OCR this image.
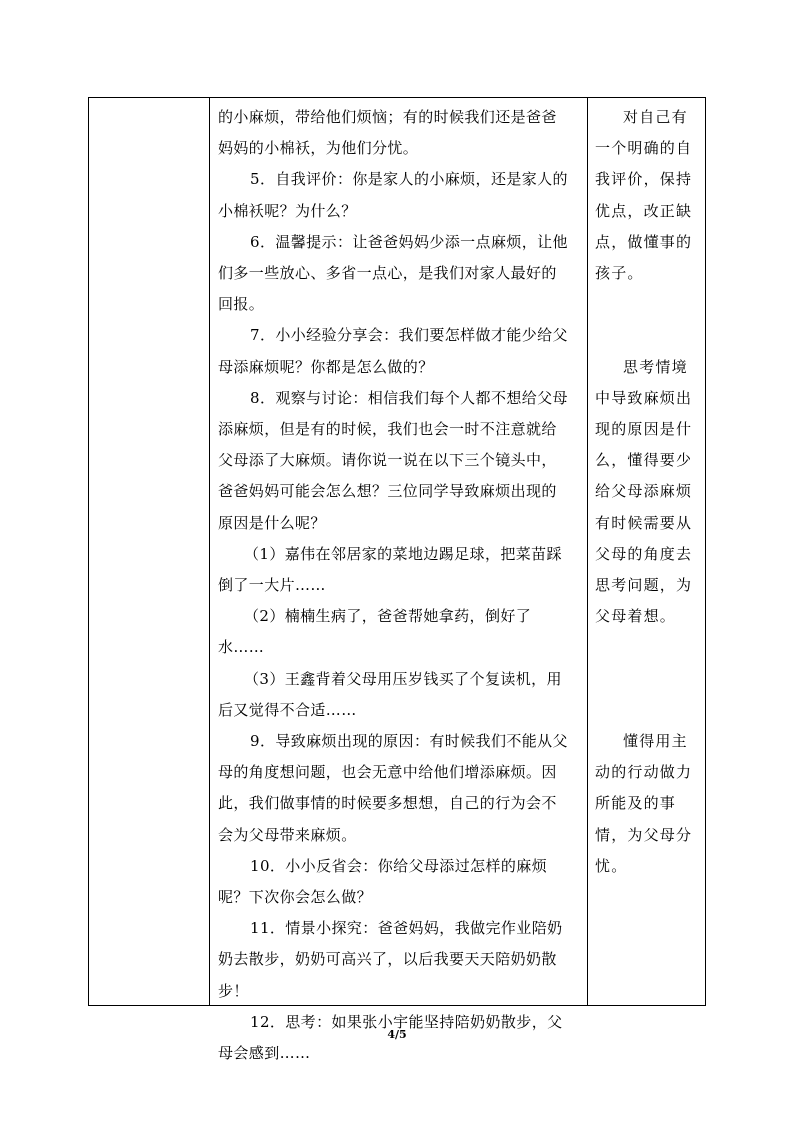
的小麻烦，带给他们烦恼；有的时候我们还是爸爸
妈妈的小棉袄，为他们分忧。
5．自我评价：你是家人的小麻烦，还是家人的
小棉袄呢？为什么？
6．温馨提示：让爸爸妈妈少添一点麻烦，让他
们多一些放心、多省一点心，是我们对家人最好的
回报。
7．小小经验分享会：我们要怎样做才能少给父
母添麻烦呢？你都是怎么做的？
8．观察与讨论：相信我们每个人都不想给父母
添麻烦，但是有的时候，我们也会一时不注意就给
父母添了大麻烦。请你说一说在以下三个镜头中，
爸爸妈妈可能会怎么想？三位同学导致麻烦出现的
原因是什么呢？
（1）嘉伟在邻居家的菜地边踢足球，把菜苗踩
倒了一大片……
（2）楠楠生病了，爸爸帮她拿药，倒好了
水……
（3）王鑫背着父母用压岁钱买了个复读机，用
后又觉得不合适……
9．导致麻烦出现的原因：有时候我们不能从父
母的角度想问题，也会无意中给他们增添麻烦。因
此，我们做事情的时候要多想想，自己的行为会不
会为父母带来麻烦。
10．小小反省会：你给父母添过怎样的麻烦
呢？下次你会怎么做？
11．情景小探究：爸爸妈妈，我做完作业陪奶
奶去散步，奶奶可高兴了，以后我要天天陪奶奶散
步！
12．思考：如果张小宇能坚持陪奶奶散步，父
母会感到……
对自己有
一个明确的自
我评价，保持
优点，改正缺
点，做懂事的
孩子。
思考情境
中导致麻烦出
现的原因是什
么，懂得要少
给父母添麻烦
有时候需要从
父母的角度去
思考问题，为
父母着想。
懂得用主
动的行动做力
所能及的事
情，为父母分
忧。
4/5
